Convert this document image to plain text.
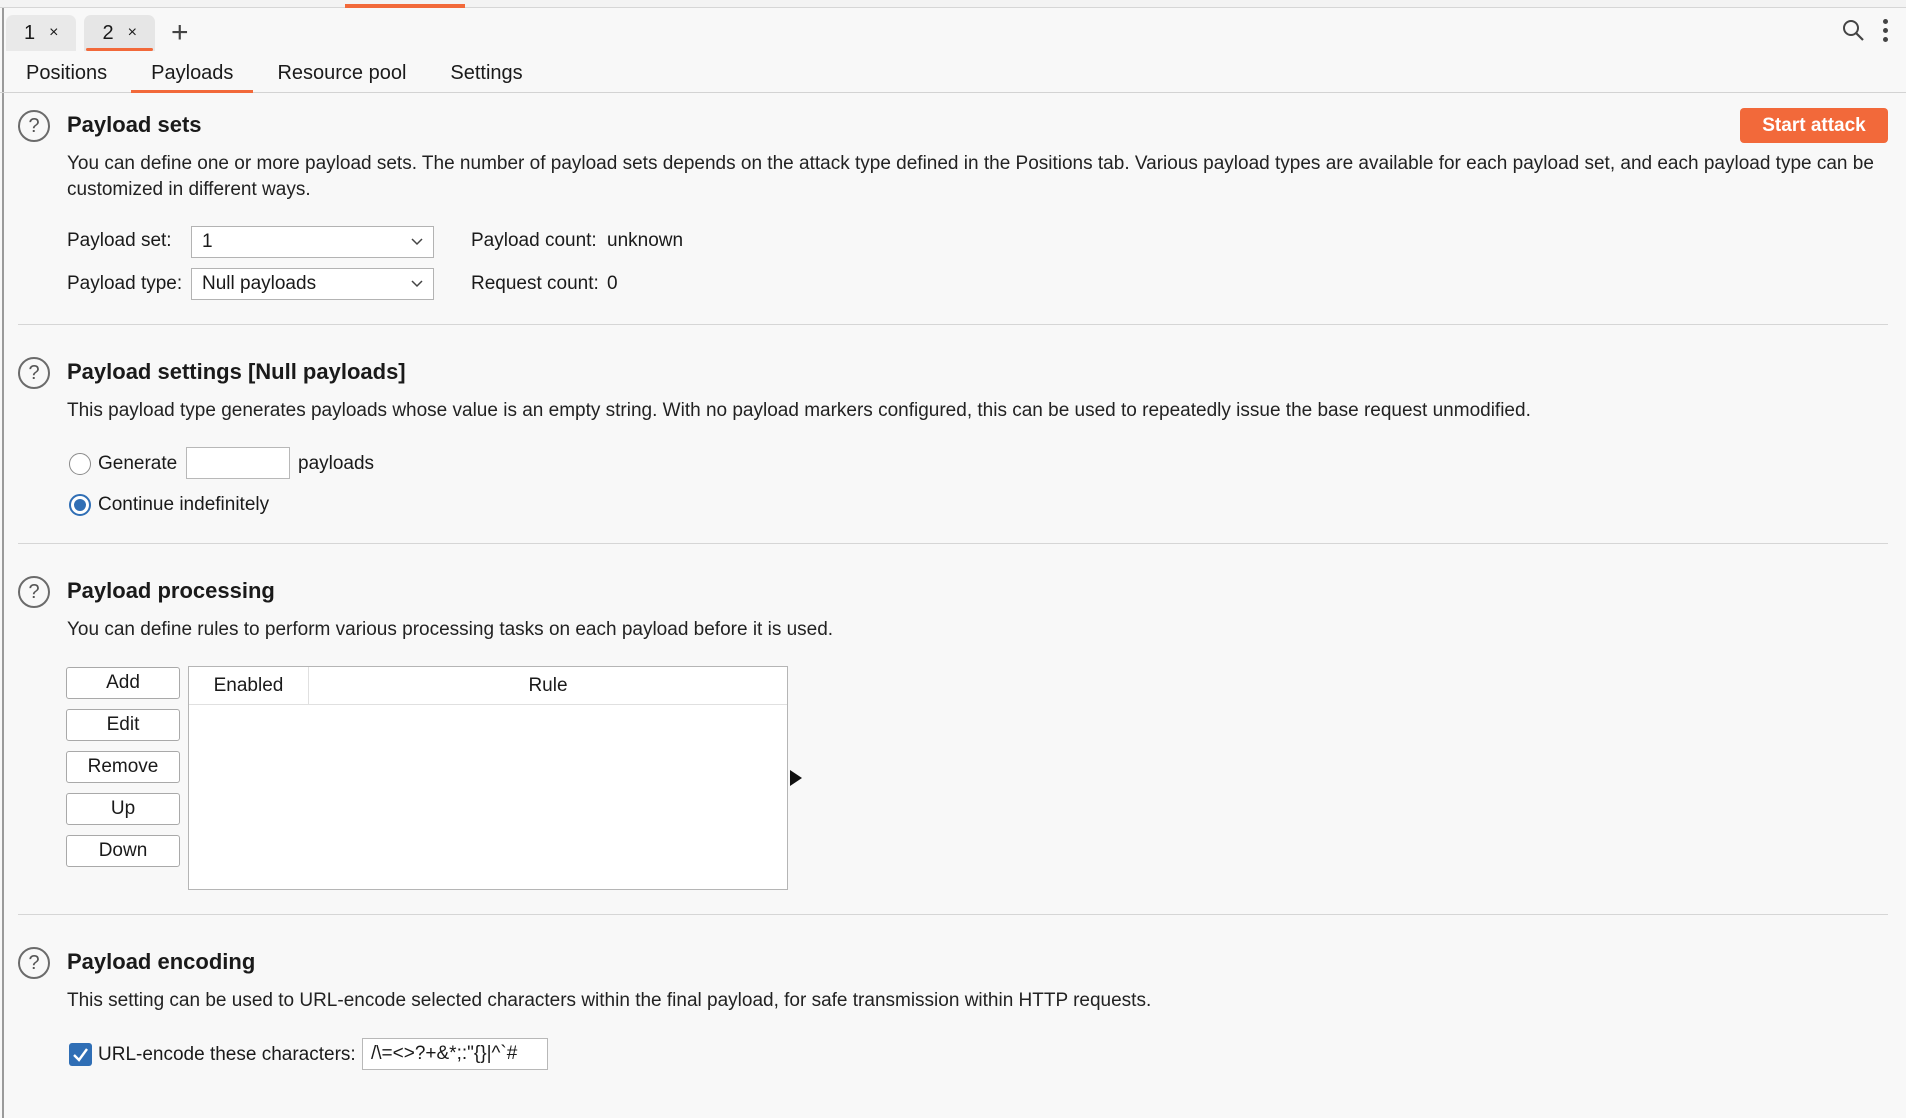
1 × 2 × +
Positions	Payloads	Resource pool	Settings
Start attack
?	Payload sets
You can define one or more payload sets. The number of payload sets depends on the attack type defined in the Positions tab. Various payload types are available for each payload set, and each payload type can be customized in different ways.
Payload set:	1	Payload count: unknown
Payload type:	Null payloads	Request count: 0
?	Payload settings [Null payloads]
This payload type generates payloads whose value is an empty string. With no payload markers configured, this can be used to repeatedly issue the base request unmodified.
Generate	payloads
Continue indefinitely
?	Payload processing
You can define rules to perform various processing tasks on each payload before it is used.
Add
Edit
Remove
Up
Down
Enabled	Rule
?	Payload encoding
This setting can be used to URL-encode selected characters within the final payload, for safe transmission within HTTP requests.
URL-encode these characters: /\=<>?+&*;:"{}|^`#
